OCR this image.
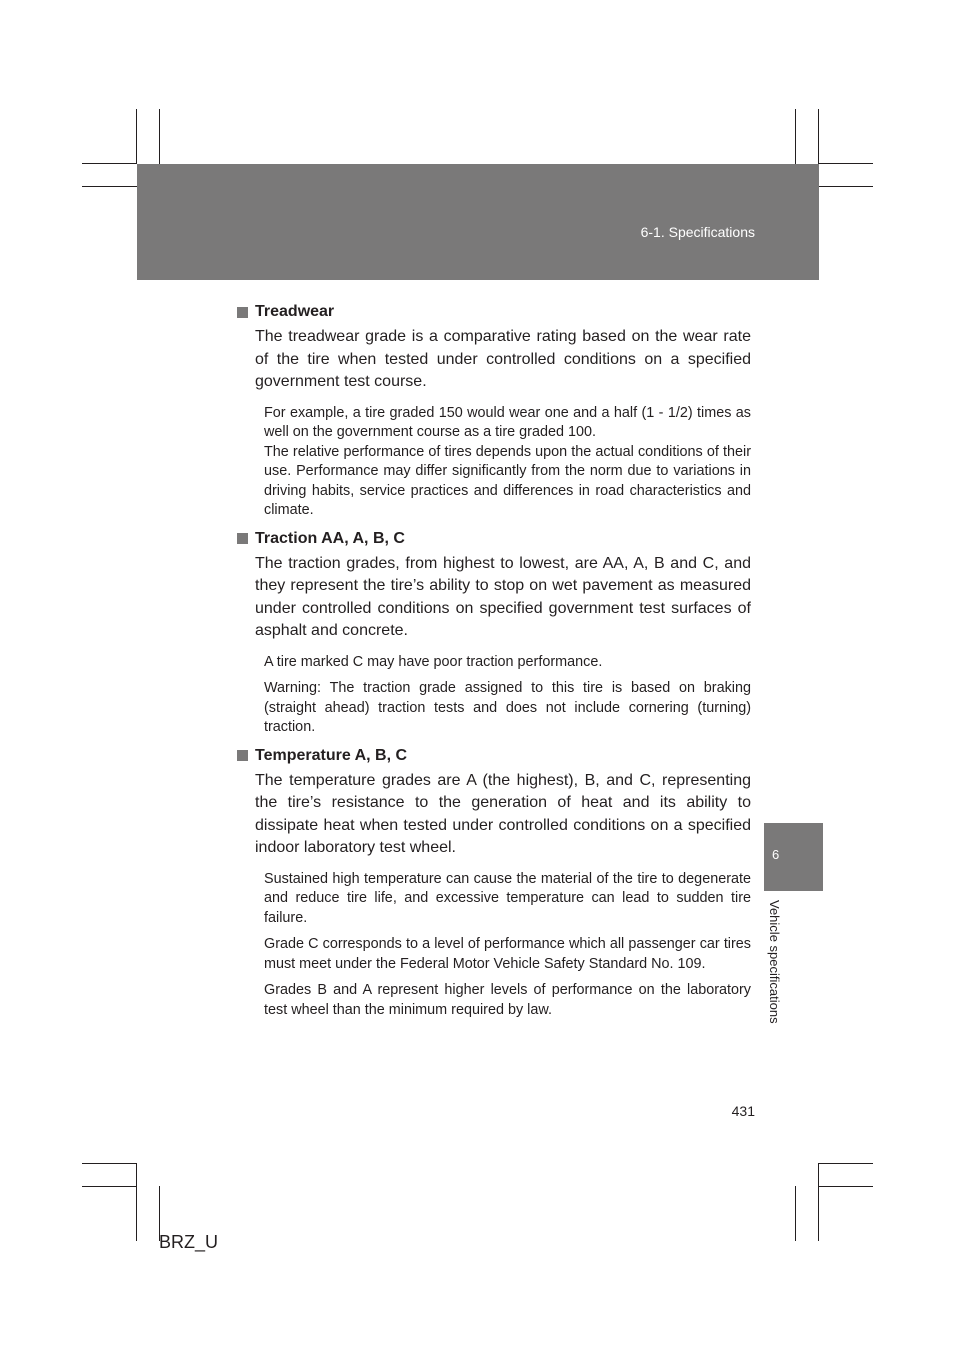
6-1. Specifications
Treadwear

The treadwear grade is a comparative rating based on the wear rate of the tire when tested under controlled conditions on a specified government test course.

For example, a tire graded 150 would wear one and a half (1 - 1/2) times as well on the government course as a tire graded 100.

The relative performance of tires depends upon the actual conditions of their use. Performance may differ significantly from the norm due to variations in driving habits, service practices and differences in road characteristics and climate.

Traction AA, A, B, C

The traction grades, from highest to lowest, are AA, A, B and C, and they represent the tire’s ability to stop on wet pavement as measured under controlled conditions on specified government test surfaces of asphalt and concrete.

A tire marked C may have poor traction performance.

Warning: The traction grade assigned to this tire is based on braking (straight ahead) traction tests and does not include cornering (turning) traction.

Temperature A, B, C

The temperature grades are A (the highest), B, and C, representing the tire’s resistance to the generation of heat and its ability to dissipate heat when tested under controlled conditions on a specified indoor laboratory test wheel.

Sustained high temperature can cause the material of the tire to degenerate and reduce tire life, and excessive temperature can lead to sudden tire failure.

Grade C corresponds to a level of performance which all passenger car tires must meet under the Federal Motor Vehicle Safety Standard No. 109.

Grades B and A represent higher levels of performance on the laboratory test wheel than the minimum required by law.

6
Vehicle specifications
431
BRZ_U
